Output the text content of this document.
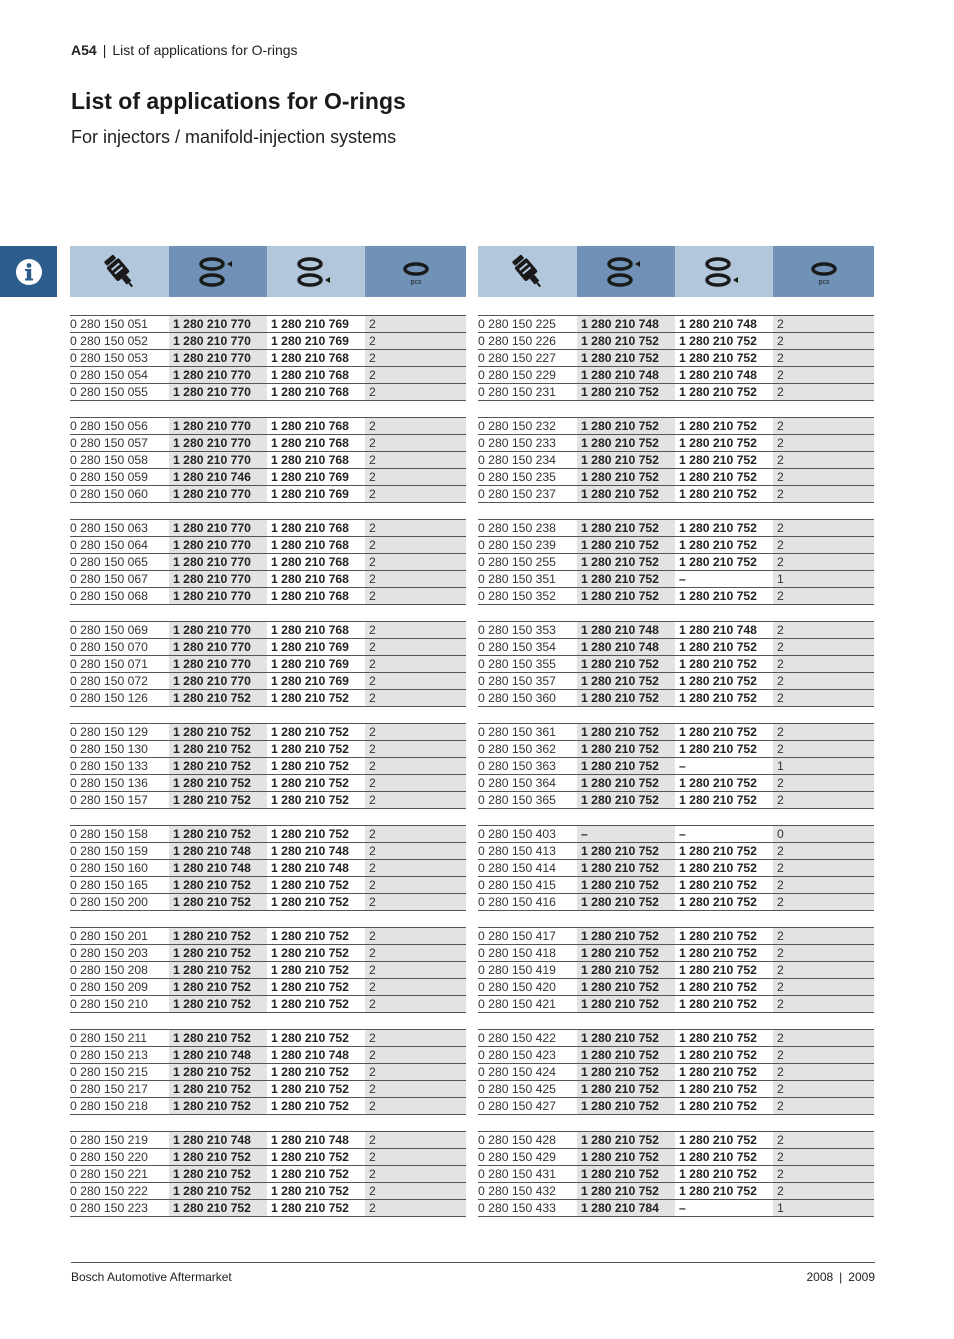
A54 | List of applications for O-rings
List of applications for O-rings
For injectors / manifold-injection systems
pcs
0 280 150 051	1 280 210 770	1 280 210 769	2
0 280 150 052	1 280 210 770	1 280 210 769	2
0 280 150 053	1 280 210 770	1 280 210 768	2
0 280 150 054	1 280 210 770	1 280 210 768	2
0 280 150 055	1 280 210 770	1 280 210 768	2
0 280 150 056	1 280 210 770	1 280 210 768	2
0 280 150 057	1 280 210 770	1 280 210 768	2
0 280 150 058	1 280 210 770	1 280 210 768	2
0 280 150 059	1 280 210 746	1 280 210 769	2
0 280 150 060	1 280 210 770	1 280 210 769	2
0 280 150 063	1 280 210 770	1 280 210 768	2
0 280 150 064	1 280 210 770	1 280 210 768	2
0 280 150 065	1 280 210 770	1 280 210 768	2
0 280 150 067	1 280 210 770	1 280 210 768	2
0 280 150 068	1 280 210 770	1 280 210 768	2
0 280 150 069	1 280 210 770	1 280 210 768	2
0 280 150 070	1 280 210 770	1 280 210 769	2
0 280 150 071	1 280 210 770	1 280 210 769	2
0 280 150 072	1 280 210 770	1 280 210 769	2
0 280 150 126	1 280 210 752	1 280 210 752	2
0 280 150 129	1 280 210 752	1 280 210 752	2
0 280 150 130	1 280 210 752	1 280 210 752	2
0 280 150 133	1 280 210 752	1 280 210 752	2
0 280 150 136	1 280 210 752	1 280 210 752	2
0 280 150 157	1 280 210 752	1 280 210 752	2
0 280 150 158	1 280 210 752	1 280 210 752	2
0 280 150 159	1 280 210 748	1 280 210 748	2
0 280 150 160	1 280 210 748	1 280 210 748	2
0 280 150 165	1 280 210 752	1 280 210 752	2
0 280 150 200	1 280 210 752	1 280 210 752	2
0 280 150 201	1 280 210 752	1 280 210 752	2
0 280 150 203	1 280 210 752	1 280 210 752	2
0 280 150 208	1 280 210 752	1 280 210 752	2
0 280 150 209	1 280 210 752	1 280 210 752	2
0 280 150 210	1 280 210 752	1 280 210 752	2
0 280 150 211	1 280 210 752	1 280 210 752	2
0 280 150 213	1 280 210 748	1 280 210 748	2
0 280 150 215	1 280 210 752	1 280 210 752	2
0 280 150 217	1 280 210 752	1 280 210 752	2
0 280 150 218	1 280 210 752	1 280 210 752	2
0 280 150 219	1 280 210 748	1 280 210 748	2
0 280 150 220	1 280 210 752	1 280 210 752	2
0 280 150 221	1 280 210 752	1 280 210 752	2
0 280 150 222	1 280 210 752	1 280 210 752	2
0 280 150 223	1 280 210 752	1 280 210 752	2
pcs
0 280 150 225	1 280 210 748	1 280 210 748	2
0 280 150 226	1 280 210 752	1 280 210 752	2
0 280 150 227	1 280 210 752	1 280 210 752	2
0 280 150 229	1 280 210 748	1 280 210 748	2
0 280 150 231	1 280 210 752	1 280 210 752	2
0 280 150 232	1 280 210 752	1 280 210 752	2
0 280 150 233	1 280 210 752	1 280 210 752	2
0 280 150 234	1 280 210 752	1 280 210 752	2
0 280 150 235	1 280 210 752	1 280 210 752	2
0 280 150 237	1 280 210 752	1 280 210 752	2
0 280 150 238	1 280 210 752	1 280 210 752	2
0 280 150 239	1 280 210 752	1 280 210 752	2
0 280 150 255	1 280 210 752	1 280 210 752	2
0 280 150 351	1 280 210 752	–	1
0 280 150 352	1 280 210 752	1 280 210 752	2
0 280 150 353	1 280 210 748	1 280 210 748	2
0 280 150 354	1 280 210 748	1 280 210 752	2
0 280 150 355	1 280 210 752	1 280 210 752	2
0 280 150 357	1 280 210 752	1 280 210 752	2
0 280 150 360	1 280 210 752	1 280 210 752	2
0 280 150 361	1 280 210 752	1 280 210 752	2
0 280 150 362	1 280 210 752	1 280 210 752	2
0 280 150 363	1 280 210 752	–	1
0 280 150 364	1 280 210 752	1 280 210 752	2
0 280 150 365	1 280 210 752	1 280 210 752	2
0 280 150 403	–	–	0
0 280 150 413	1 280 210 752	1 280 210 752	2
0 280 150 414	1 280 210 752	1 280 210 752	2
0 280 150 415	1 280 210 752	1 280 210 752	2
0 280 150 416	1 280 210 752	1 280 210 752	2
0 280 150 417	1 280 210 752	1 280 210 752	2
0 280 150 418	1 280 210 752	1 280 210 752	2
0 280 150 419	1 280 210 752	1 280 210 752	2
0 280 150 420	1 280 210 752	1 280 210 752	2
0 280 150 421	1 280 210 752	1 280 210 752	2
0 280 150 422	1 280 210 752	1 280 210 752	2
0 280 150 423	1 280 210 752	1 280 210 752	2
0 280 150 424	1 280 210 752	1 280 210 752	2
0 280 150 425	1 280 210 752	1 280 210 752	2
0 280 150 427	1 280 210 752	1 280 210 752	2
0 280 150 428	1 280 210 752	1 280 210 752	2
0 280 150 429	1 280 210 752	1 280 210 752	2
0 280 150 431	1 280 210 752	1 280 210 752	2
0 280 150 432	1 280 210 752	1 280 210 752	2
0 280 150 433	1 280 210 784	–	1
Bosch Automotive Aftermarket	2008 | 2009
